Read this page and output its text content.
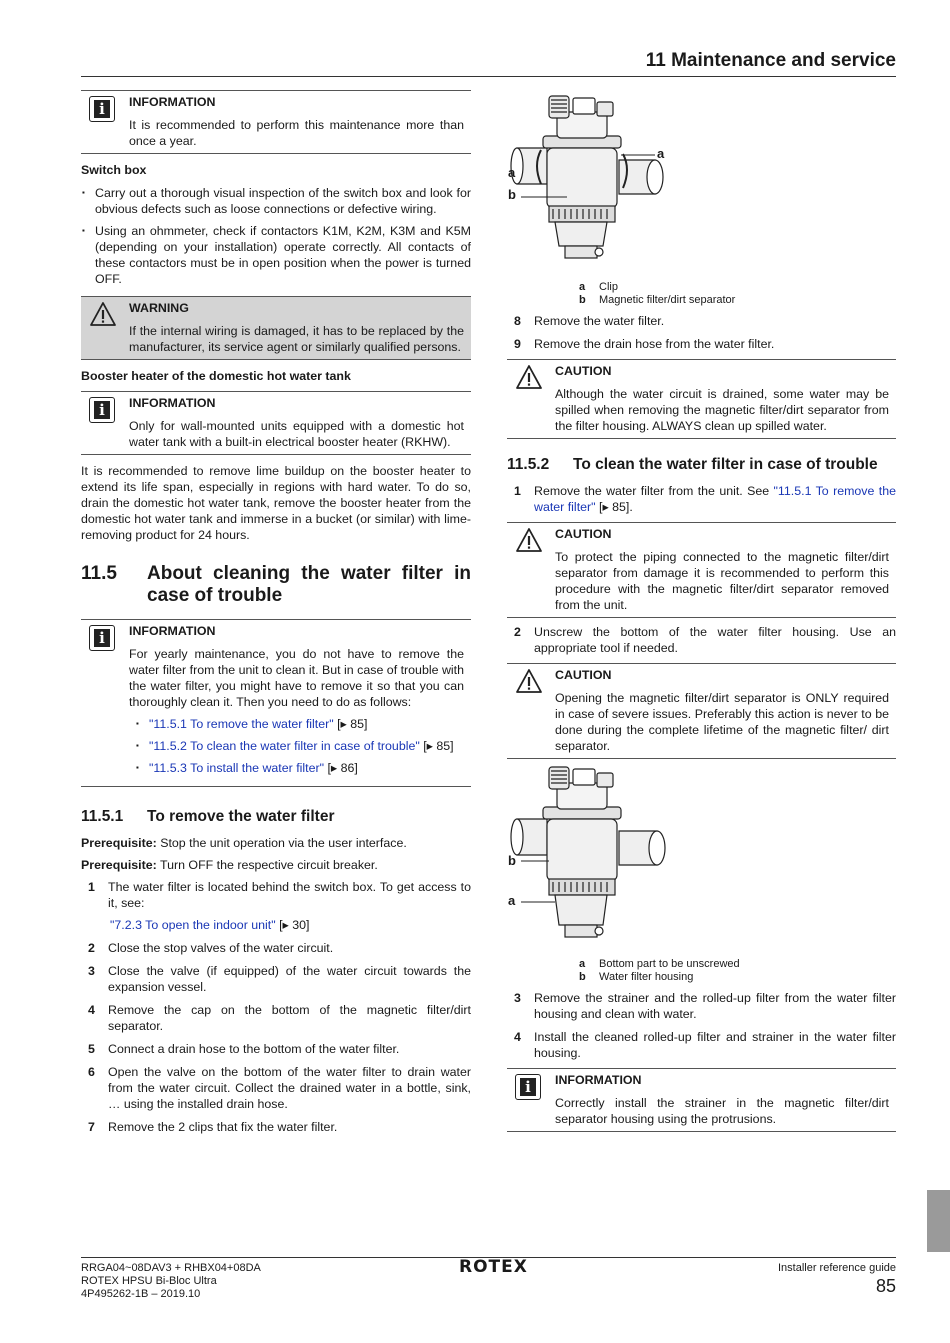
11 Maintenance and service
i	INFORMATION
It is recommended to perform this maintenance more than once a year.
Switch box
▪ Carry out a thorough visual inspection of the switch box and look for obvious defects such as loose connections or defective wiring.
▪ Using an ohmmeter, check if contactors K1M, K2M, K3M and K5M (depending on your installation) operate correctly. All contacts of these contactors must be in open position when the power is turned OFF.
WARNING
If the internal wiring is damaged, it has to be replaced by the manufacturer, its service agent or similarly qualified persons.
Booster heater of the domestic hot water tank
i	INFORMATION
Only for wall-mounted units equipped with a domestic hot water tank with a built-in electrical booster heater (RKHW).

It is recommended to remove lime buildup on the booster heater to extend its life span, especially in regions with hard water. To do so, drain the domestic hot water tank, remove the booster heater from the domestic hot water tank and immerse in a bucket (or similar) with lime-removing product for 24 hours.

11.5	About cleaning the water filter in case of trouble
i	INFORMATION
For yearly maintenance, you do not have to remove the water filter from the unit to clean it. But in case of trouble with the water filter, you might have to remove it so that you can thoroughly clean it. Then you need to do as follows:
▪ "11.5.1 To remove the water filter" [▸ 85]
▪ "11.5.2 To clean the water filter in case of trouble" [▸ 85]
▪ "11.5.3 To install the water filter" [▸ 86]
11.5.1	To remove the water filter
Prerequisite: Stop the unit operation via the user interface.
Prerequisite: Turn OFF the respective circuit breaker.
1	The water filter is located behind the switch box. To get access to it, see:

"7.2.3 To open the indoor unit" [▸ 30]
2	Close the stop valves of the water circuit.
3	Close the valve (if equipped) of the water circuit towards the expansion vessel.
4	Remove the cap on the bottom of the magnetic filter/dirt separator.
5	Connect a drain hose to the bottom of the water filter.
6	Open the valve on the bottom of the water filter to drain water from the water circuit. Collect the drained water in a bottle, sink, … using the installed drain hose.
7	Remove the 2 clips that fix the water filter.
a
a
b
a	Clip
b	Magnetic filter/dirt separator
8	Remove the water filter.
9	Remove the drain hose from the water filter.
CAUTION
Although the water circuit is drained, some water may be spilled when removing the magnetic filter/dirt separator from the filter housing. ALWAYS clean up spilled water.
11.5.2	To clean the water filter in case of trouble
1	Remove the water filter from the unit. See "11.5.1 To remove the water filter" [▸ 85].
CAUTION
To protect the piping connected to the magnetic filter/dirt separator from damage it is recommended to perform this procedure with the magnetic filter/dirt separator removed from the unit.
2	Unscrew the bottom of the water filter housing. Use an appropriate tool if needed.
CAUTION
Opening the magnetic filter/dirt separator is ONLY required in case of severe issues. Preferably this action is never to be done during the complete lifetime of the magnetic filter/ dirt separator.
b
a
a	Bottom part to be unscrewed
b	Water filter housing
3	Remove the strainer and the rolled-up filter from the water filter housing and clean with water.
4	Install the cleaned rolled-up filter and strainer in the water filter housing.
i	INFORMATION
Correctly install the strainer in the magnetic filter/dirt separator housing using the protrusions.
RRGA04~08DAV3 + RHBX04+08DA
ROTEX HPSU Bi-Bloc Ultra
4P495262-1B – 2019.10
ROTEX	Installer reference guide
85
